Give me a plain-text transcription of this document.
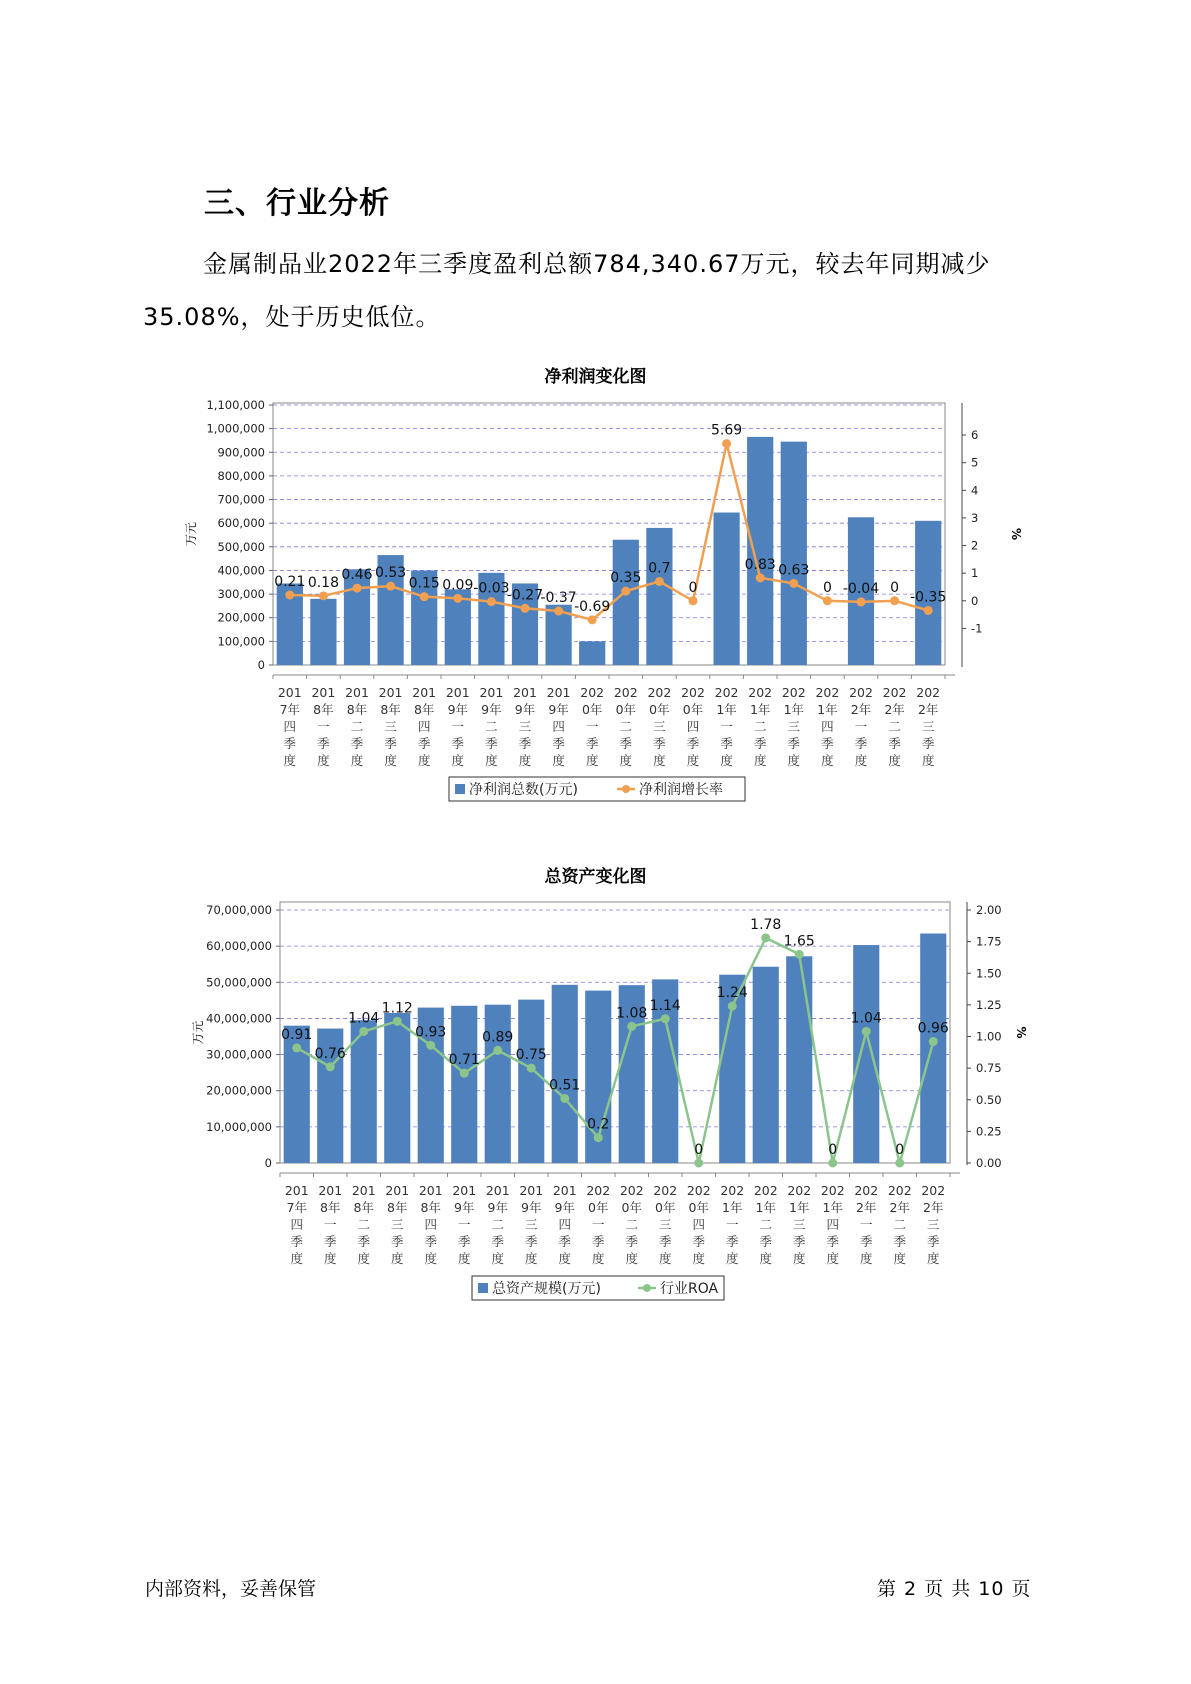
三、行业分析
金属制品业2022年三季度盈利总额784,340.67万元，较去年同期减少35.08%，处于历史低位。
净利润变化图
0
100,000
200,000
300,000
400,000
500,000
600,000
700,000
800,000
900,000
1,000,000
1,100,000
-1
0
1
2
3
4
5
6
万元	%
201
7年
四
季
度
201
8年
一
季
度
201
8年
二
季
度
201
8年
三
季
度
201
8年
四
季
度
201
9年
一
季
度
201
9年
二
季
度
201
9年
三
季
度
201
9年
四
季
度
202
0年
一
季
度
202
0年
二
季
度
202
0年
三
季
度
202
0年
四
季
度
202
1年
一
季
度
202
1年
二
季
度
202
1年
三
季
度
202
1年
四
季
度
202
2年
一
季
度
202
2年
二
季
度
202
2年
三
季
度
0.21 0.18 0.46 0.53
0.15 0.09 -0.03
-0.27
-0.37
-0.69
0.35
0.7
0
5.69
0.83 0.63
0 -0.04 0
-0.35
净利润总数(万元)	净利润增长率
总资产变化图
0
10,000,000
20,000,000
30,000,000
40,000,000
50,000,000
60,000,000
70,000,000
0.00
0.25
0.50
0.75
1.00
1.25
1.50
1.75
2.00
万元	%
201
7年
四
季
度
201
8年
一
季
度
201
8年
二
季
度
201
8年
三
季
度
201
8年
四
季
度
201
9年
一
季
度
201
9年
二
季
度
201
9年
三
季
度
201
9年
四
季
度
202
0年
一
季
度
202
0年
二
季
度
202
0年
三
季
度
202
0年
四
季
度
202
1年
一
季
度
202
1年
二
季
度
202
1年
三
季
度
202
1年
四
季
度
202
2年
一
季
度
202
2年
二
季
度
202
2年
三
季
度
0.91
0.76
1.04
1.12
0.93
0.71
0.89
0.75
0.51
0.2
1.08 1.14
0
1.24
1.78
1.65
0
1.04
0
0.96
总资产规模(万元)	行业ROA
内部资料，妥善保管	第 2 页 共 10 页
